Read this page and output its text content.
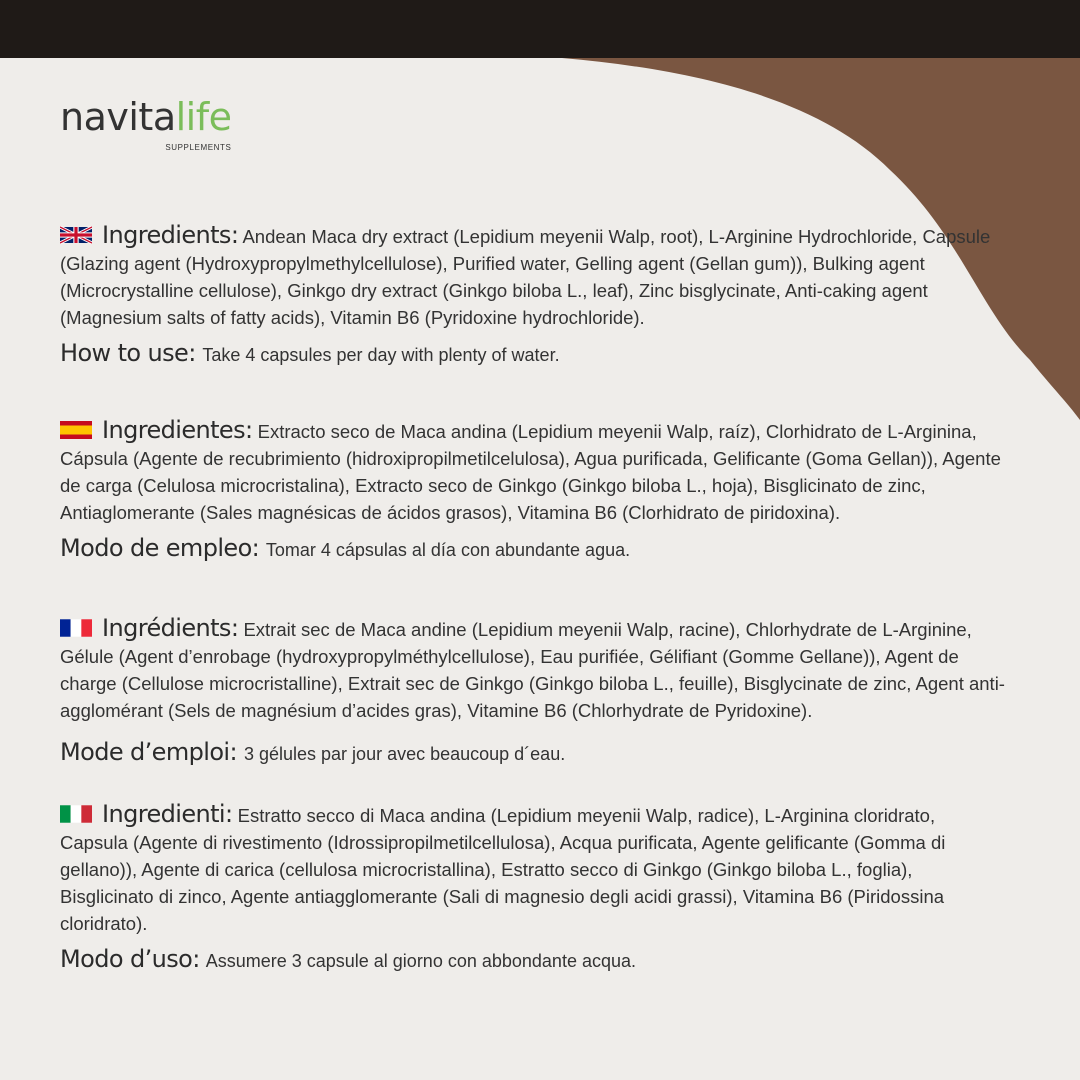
navitalife
SUPPLEMENTS
Ingredients: Andean Maca dry extract (Lepidium meyenii Walp, root), L-Arginine Hydrochloride, Capsule (Glazing agent (Hydroxypropylmethylcellulose), Purified water, Gelling agent (Gellan gum)), Bulking agent (Microcrystalline cellulose), Ginkgo dry extract (Ginkgo biloba L., leaf), Zinc bisglycinate, Anti-caking agent (Magnesium salts of fatty acids), Vitamin B6 (Pyridoxine hydrochloride).
How to use: Take 4 capsules per day with plenty of water.
Ingredientes: Extracto seco de Maca andina (Lepidium meyenii Walp, raíz), Clorhidrato de L-Arginina, Cápsula (Agente de recubrimiento (hidroxipropilmetilcelulosa), Agua purificada, Gelificante (Goma Gellan)), Agente de carga (Celulosa microcristalina), Extracto seco de Ginkgo (Ginkgo biloba L., hoja), Bisglicinato de zinc, Antiaglomerante (Sales magnésicas de ácidos grasos), Vitamina B6 (Clorhidrato de piridoxina).
Modo de empleo: Tomar 4 cápsulas al día con abundante agua.
Ingrédients: Extrait sec de Maca andine (Lepidium meyenii Walp, racine), Chlorhydrate de L-Arginine, Gélule (Agent d’enrobage (hydroxypropylméthylcellulose), Eau purifiée, Gélifiant (Gomme Gellane)), Agent de charge (Cellulose microcristalline), Extrait sec de Ginkgo (Ginkgo biloba L., feuille), Bisglycinate de zinc, Agent anti-agglomérant (Sels de magnésium d’acides gras), Vitamine B6 (Chlorhydrate de Pyridoxine).
Mode d’emploi: 3 gélules par jour avec beaucoup d´eau.
Ingredienti: Estratto secco di Maca andina (Lepidium meyenii Walp, radice), L-Arginina cloridrato, Capsula (Agente di rivestimento (Idrossipropilmetilcellulosa), Acqua purificata, Agente gelificante (Gomma di gellano)), Agente di carica (cellulosa microcristallina), Estratto secco di Ginkgo (Ginkgo biloba L., foglia), Bisglicinato di zinco, Agente antiagglomerante (Sali di magnesio degli acidi grassi), Vitamina B6 (Piridossina cloridrato).
Modo d’uso: Assumere 3 capsule al giorno con abbondante acqua.
